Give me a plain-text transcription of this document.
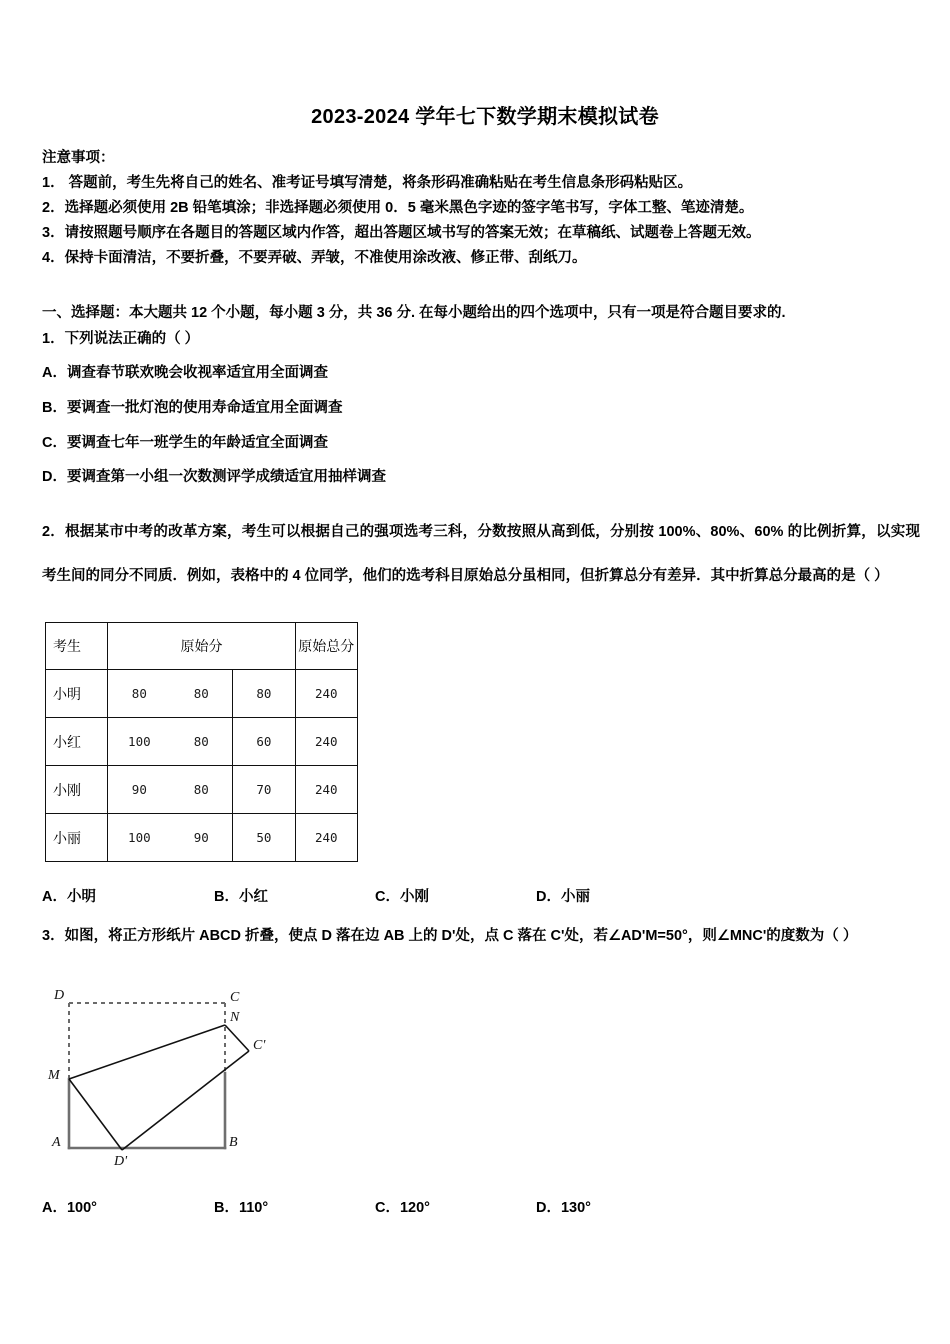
2023-2024 学年七下数学期末模拟试卷
注意事项：
1． 答题前，考生先将自己的姓名、准考证号填写清楚，将条形码准确粘贴在考生信息条形码粘贴区。
2．选择题必须使用 2B 铅笔填涂；非选择题必须使用 0．5 毫米黑色字迹的签字笔书写，字体工整、笔迹清楚。
3．请按照题号顺序在各题目的答题区域内作答，超出答题区域书写的答案无效；在草稿纸、试题卷上答题无效。
4．保持卡面清洁，不要折叠，不要弄破、弄皱，不准使用涂改液、修正带、刮纸刀。
一、选择题：本大题共 12 个小题，每小题 3 分，共 36 分. 在每小题给出的四个选项中，只有一项是符合题目要求的.
1．下列说法正确的（ ）
A．调查春节联欢晚会收视率适宜用全面调查
B．要调查一批灯泡的使用寿命适宜用全面调查
C．要调查七年一班学生的年龄适宜全面调查
D．要调查第一小组一次数测评学成绩适宜用抽样调查
2．根据某市中考的改革方案，考生可以根据自己的强项选考三科，分数按照从高到低，分别按 100%、80%、60% 的比例折算，以实现考生间的同分不同质．例如，表格中的 4 位同学，他们的选考科目原始总分虽相同，但折算总分有差异．其中折算总分最高的是（ ）
考生	原始分			原始总分
小明	80	80	80	240
小红	100	80	60	240
小刚	90	80	70	240
小丽	100	90	50	240
A．小明	B．小红	C．小刚	D．小丽
3．如图，将正方形纸片 ABCD 折叠，使点 D 落在边 AB 上的 D'处，点 C 落在 C'处，若∠AD'M=50°，则∠MNC'的度数为（ ）
D	C
N
C'
M
A	B
D'
A．100°	B．110°	C．120°	D．130°
